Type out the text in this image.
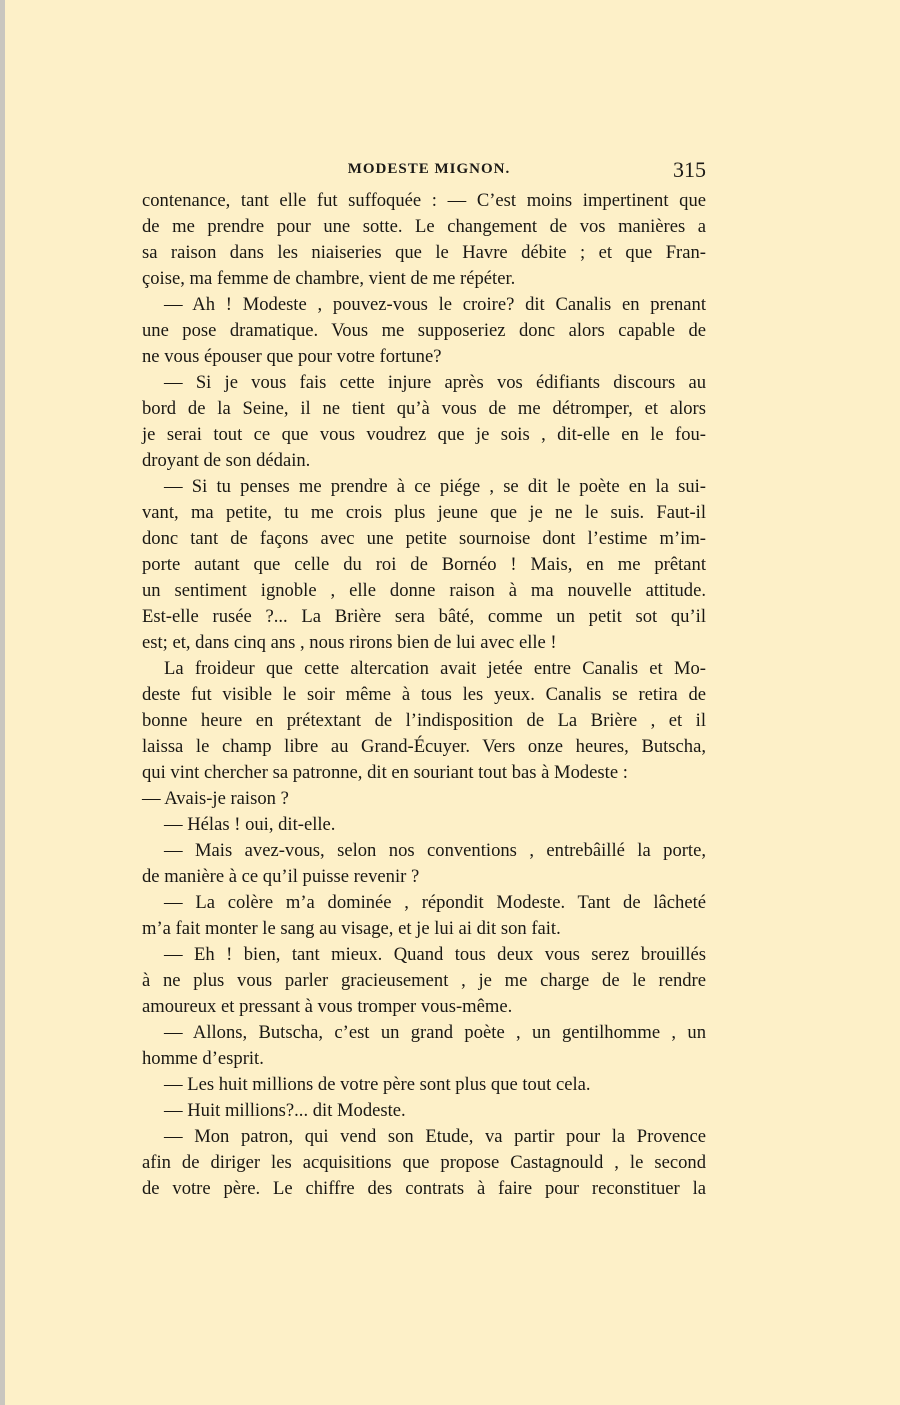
MODESTE MIGNON.	315
contenance, tant elle fut suffoquée : — C’est moins impertinent que
de me prendre pour une sotte. Le changement de vos manières a
sa raison dans les niaiseries que le Havre débite ; et que Fran-
çoise, ma femme de chambre, vient de me répéter.
— Ah ! Modeste , pouvez-vous le croire? dit Canalis en prenant
une pose dramatique. Vous me supposeriez donc alors capable de
ne vous épouser que pour votre fortune?
— Si je vous fais cette injure après vos édifiants discours au
bord de la Seine, il ne tient qu’à vous de me détromper, et alors
je serai tout ce que vous voudrez que je sois , dit-elle en le fou-
droyant de son dédain.
— Si tu penses me prendre à ce piége , se dit le poète en la sui-
vant, ma petite, tu me crois plus jeune que je ne le suis. Faut-il
donc tant de façons avec une petite sournoise dont l’estime m’im-
porte autant que celle du roi de Bornéo ! Mais, en me prêtant
un sentiment ignoble , elle donne raison à ma nouvelle attitude.
Est-elle rusée ?... La Brière sera bâté, comme un petit sot qu’il
est; et, dans cinq ans , nous rirons bien de lui avec elle !
La froideur que cette altercation avait jetée entre Canalis et Mo-
deste fut visible le soir même à tous les yeux. Canalis se retira de
bonne heure en prétextant de l’indisposition de La Brière , et il
laissa le champ libre au Grand-Écuyer. Vers onze heures, Butscha,
qui vint chercher sa patronne, dit en souriant tout bas à Modeste :
— Avais-je raison ?
— Hélas ! oui, dit-elle.
— Mais avez-vous, selon nos conventions , entrebâillé la porte,
de manière à ce qu’il puisse revenir ?
— La colère m’a dominée , répondit Modeste. Tant de lâcheté
m’a fait monter le sang au visage, et je lui ai dit son fait.
— Eh ! bien, tant mieux. Quand tous deux vous serez brouillés
à ne plus vous parler gracieusement , je me charge de le rendre
amoureux et pressant à vous tromper vous-même.
— Allons, Butscha, c’est un grand poète , un gentilhomme , un
homme d’esprit.
— Les huit millions de votre père sont plus que tout cela.
— Huit millions?... dit Modeste.
— Mon patron, qui vend son Etude, va partir pour la Provence
afin de diriger les acquisitions que propose Castagnould , le second
de votre père. Le chiffre des contrats à faire pour reconstituer la
